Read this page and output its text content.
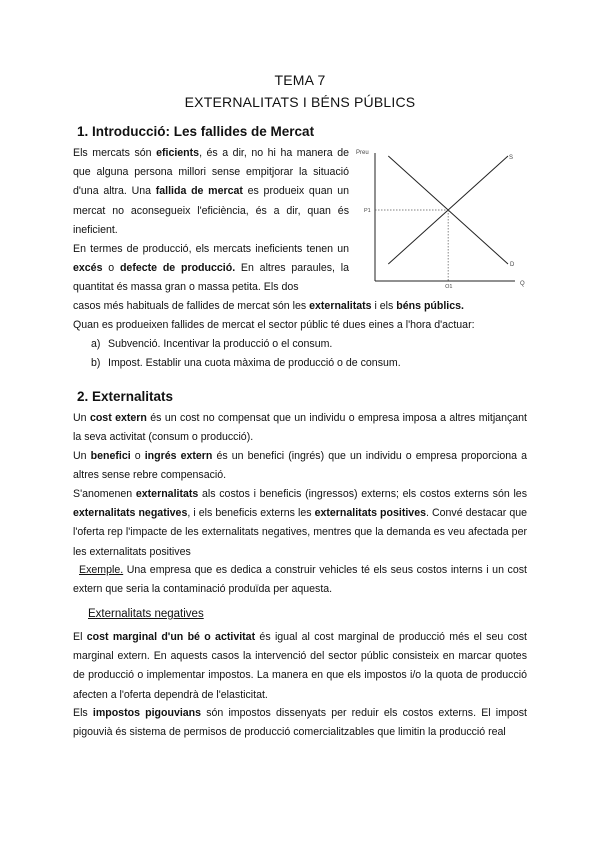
TEMA 7
EXTERNALITATS I BÉNS PÚBLICS
1. Introducció: Les fallides de Mercat
Els mercats són eficients, és a dir, no hi ha manera de que alguna persona millori sense empitjorar la situació d'una altra. Una fallida de mercat es produeix quan un mercat no aconsegueix l'eficiència, és a dir, quan és ineficient.
En termes de producció, els mercats ineficients tenen un excés o defecte de producció. En altres paraules, la quantitat és massa gran o massa petita. Els dos
casos més habituals de fallides de mercat són les externalitats i els béns públics.
Quan es produeixen fallides de mercat el sector públic té dues eines a l'hora d'actuar:
a) Subvenció. Incentivar la producció o el consum.
b) Impost. Establir una cuota màxima de producció o de consum.
Preu
Q
S
D
P1
Q1
2. Externalitats
Un cost extern és un cost no compensat que un individu o empresa imposa a altres mitjançant la seva activitat (consum o producció).
Un benefici o ingrés extern és un benefici (ingrés) que un individu o empresa proporciona a altres sense rebre compensació.
S'anomenen externalitats als costos i beneficis (ingressos) externs; els costos externs són les externalitats negatives, i els beneficis externs les externalitats positives. Convé destacar que l'oferta rep l'impacte de les externalitats negatives, mentres que la demanda es veu afectada per les externalitats positives
Exemple. Una empresa que es dedica a construir vehicles té els seus costos interns i un cost extern que seria la contaminació produïda per aquesta.
Externalitats negatives
El cost marginal d'un bé o activitat és igual al cost marginal de producció més el seu cost marginal extern. En aquests casos la intervenció del sector públic consisteix en marcar quotes de producció o implementar impostos. La manera en que els impostos i/o la quota de producció afecten a l'oferta dependrà de l'elasticitat.
Els impostos pigouvians són impostos dissenyats per reduir els costos externs. El impost pigouvià és sistema de permisos de producció comercialitzables que limitin la producció real
